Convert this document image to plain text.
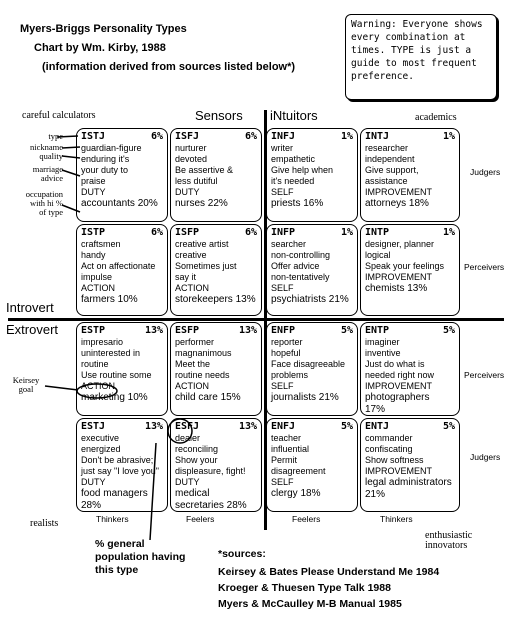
Myers-Briggs Personality Types
Chart by Wm. Kirby, 1988
(information derived from sources listed below*)
Warning: Everyone shows
every combination at
times. TYPE is just a
guide to most frequent
preference.
careful calculators	Sensors iNtuitors	academics
Introvert
Extrovert
Judgers
Perceivers
Perceivers
Judgers
type
nickname
quality
marriage
advice
occupation
with hi %
of type
Keirsey
goal
ISTJ	6%
guardian-figure
enduring it's
your duty to
praise
DUTY
accountants 20%
ISFJ	6%
nurturer
devoted
Be assertive &
less dutiful
DUTY
nurses 22%
INFJ	1%
writer
empathetic
Give help when
it's needed
SELF
priests 16%
INTJ	1%
researcher
independent
Give support,
assistance
IMPROVEMENT
attorneys 18%
ISTP	6%
craftsmen
handy
Act on affectionate
impulse
ACTION
farmers 10%
ISFP	6%
creative artist
creative
Sometimes just
say it
ACTION
storekeepers 13%
INFP	1%
searcher
non-controlling
Offer advice
non-tentatively
SELF
psychiatrists 21%
INTP	1%
designer, planner
logical
Speak your feelings
IMPROVEMENT
chemists 13%
ESTP	13%
impresario
uninterested in
routine
Use routine some
ACTION
marketing 10%
ESFP	13%
performer
magnanimous
Meet the
routine needs
ACTION
child care 15%
ENFP	5%
reporter
hopeful
Face disagreeable
problems
SELF
journalists 21%
ENTP	5%
imaginer
inventive
Just do what is
needed right now
IMPROVEMENT
photographers
17%
ESTJ	13%
executive
energized
Don't be abrasive;
just say "I love you"
DUTY
food managers
28%
ESFJ	13%
dealer
reconciling
Show your
displeasure, fight!
DUTY
medical
secretaries 28%
ENFJ	5%
teacher
influential
Permit
disagreement
SELF
clergy 18%
ENTJ	5%
commander
confiscating
Show softness
IMPROVEMENT
legal administrators
21%
realists	Thinkers	Feelers	Feelers	Thinkers
enthusiastic
innovators
% general
population having
this type
*sources:
Keirsey & Bates Please Understand Me 1984
Kroeger & Thuesen Type Talk 1988
Myers & McCaulley M-B Manual 1985
